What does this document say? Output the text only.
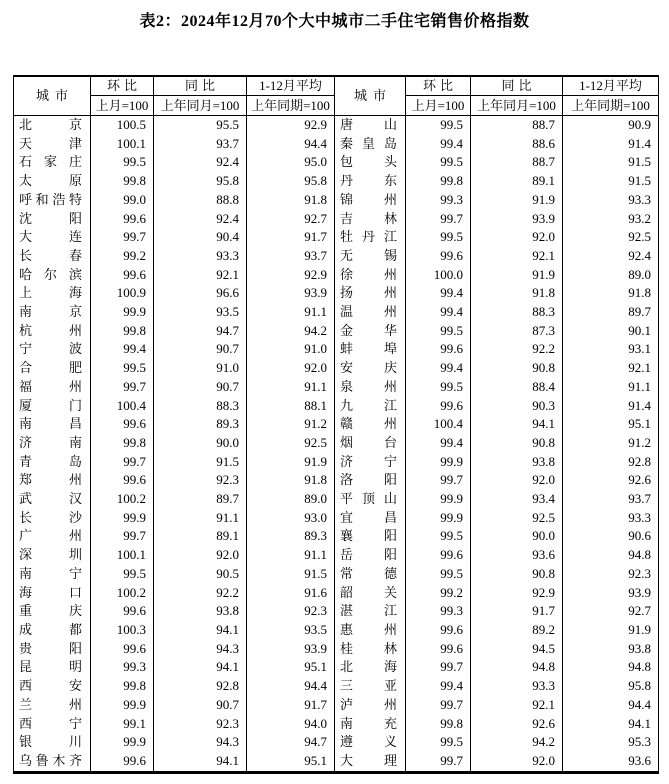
表2：2024年12月70个大中城市二手住宅销售价格指数
城市	环比	同比	1-12月平均	城市	环比	同比	1-12月平均
	上月=100	上年同月=100	上年同期=100		上月=100	上年同月=100	上年同期=100

北 京	100.5	95.5	92.9	唐 山	99.5	88.7	90.9

天 津	100.1	93.7	94.4	秦 皇 岛	99.4	88.6	91.4

石 家 庄	99.5	92.4	95.0	包 头	99.5	88.7	91.5

太 原	99.8	95.8	95.8	丹 东	99.8	89.1	91.5

呼 和 浩 特	99.0	88.8	91.8	锦 州	99.3	91.9	93.3

沈 阳	99.6	92.4	92.7	吉 林	99.7	93.9	93.2

大 连	99.7	90.4	91.7	牡 丹 江	99.5	92.0	92.5

长 春	99.2	93.3	93.7	无 锡	99.6	92.1	92.4

哈 尔 滨	99.6	92.1	92.9	徐 州	100.0	91.9	89.0

上 海	100.9	96.6	93.9	扬 州	99.4	91.8	91.8

南 京	99.9	93.5	91.1	温 州	99.4	88.3	89.7

杭 州	99.8	94.7	94.2	金 华	99.5	87.3	90.1

宁 波	99.4	90.7	91.0	蚌 埠	99.6	92.2	93.1

合 肥	99.5	91.0	92.0	安 庆	99.4	90.8	92.1

福 州	99.7	90.7	91.1	泉 州	99.5	88.4	91.1

厦 门	100.4	88.3	88.1	九 江	99.6	90.3	91.4

南 昌	99.6	89.3	91.2	赣 州	100.4	94.1	95.1

济 南	99.8	90.0	92.5	烟 台	99.4	90.8	91.2

青 岛	99.7	91.5	91.9	济 宁	99.9	93.8	92.8

郑 州	99.6	92.3	91.8	洛 阳	99.7	92.0	92.6

武 汉	100.2	89.7	89.0	平 顶 山	99.9	93.4	93.7

长 沙	99.9	91.1	93.0	宜 昌	99.9	92.5	93.3

广 州	99.7	89.1	89.3	襄 阳	99.5	90.0	90.6

深 圳	100.1	92.0	91.1	岳 阳	99.6	93.6	94.8

南 宁	99.5	90.5	91.5	常 德	99.5	90.8	92.3

海 口	100.2	92.2	91.6	韶 关	99.2	92.9	93.9

重 庆	99.6	93.8	92.3	湛 江	99.3	91.7	92.7

成 都	100.3	94.1	93.5	惠 州	99.6	89.2	91.9

贵 阳	99.6	94.3	93.9	桂 林	99.6	94.5	93.8

昆 明	99.3	94.1	95.1	北 海	99.7	94.8	94.8

西 安	99.8	92.8	94.4	三 亚	99.4	93.3	95.8

兰 州	99.9	90.7	91.7	泸 州	99.7	92.1	94.4

西 宁	99.1	92.3	94.0	南 充	99.8	92.6	94.1

银 川	99.9	94.3	94.7	遵 义	99.5	94.2	95.3

乌 鲁 木 齐	99.6	94.1	95.1	大 理	99.7	92.0	93.6
